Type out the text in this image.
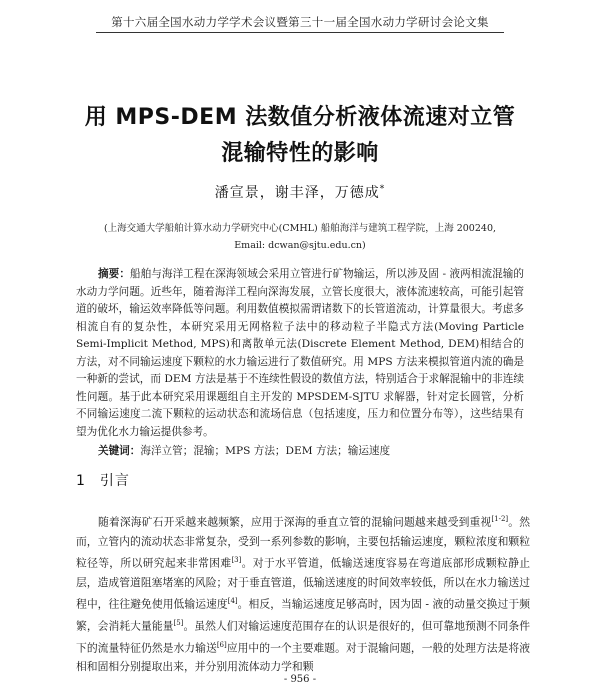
第十六届全国水动力学学术会议暨第三十一届全国水动力学研讨会论文集
用 MPS-DEM 法数值分析液体流速对立管
混输特性的影响
潘宣景，谢丰泽，万德成*
(上海交通大学船舶计算水动力学研究中心(CMHL) 船舶海洋与建筑工程学院，上海 200240,
Email: dcwan@sjtu.edu.cn)

摘要：船舶与海洋工程在深海领域会采用立管进行矿物输运，所以涉及固 - 液两相流混输的水动力学问题。近些年，随着海洋工程向深海发展，立管长度很大，液体流速较高，可能引起管道的破坏，输运效率降低等问题。利用数值模拟需谓诸数下的长管道流动，计算量很大。考虑多相流自有的复杂性，本研究采用无网格粒子法中的移动粒子半隐式方法(Moving Particle Semi-Implicit Method, MPS)和离散单元法(Discrete Element Method, DEM)相结合的方法，对不同输运速度下颗粒的水力输运进行了数值研究。用 MPS 方法来模拟管道内流的确是一种新的尝试，而 DEM 方法是基于不连续性假设的数值方法，特别适合于求解混输中的非连续性问题。基于此本研究采用课题组自主开发的 MPSDEM-SJTU 求解器，针对定长圆管，分析不同输运速度二流下颗粒的运动状态和流场信息（包括速度，压力和位置分布等），这些结果有望为优化水力输运提供参考。

关键词：海洋立管；混输；MPS 方法；DEM 方法；输运速度

1 引言

随着深海矿石开采越来越频繁，应用于深海的垂直立管的混输问题越来越受到重视[1-2]。然而，立管内的流动状态非常复杂，受到一系列参数的影响，主要包括输运速度，颗粒浓度和颗粒粒径等，所以研究起来非常困难[3]。对于水平管道，低输送速度容易在弯道底部形成颗粒静止层，造成管道阻塞堵塞的风险；对于垂直管道，低输送速度的时间效率较低，所以在水力输送过程中，往往避免使用低输运速度[4]。相反，当输运速度足够高时，因为固 - 液的动量交换过于频繁，会消耗大量能量[5]。虽然人们对输运速度范围存在的认识是很好的，但可靠地预测不同条件下的流量特征仍然是水力输送[6]应用中的一个主要难题。对于混输问题，一般的处理方法是将液相和固相分别提取出来，并分别用流体动力学和颗

- 956 -
